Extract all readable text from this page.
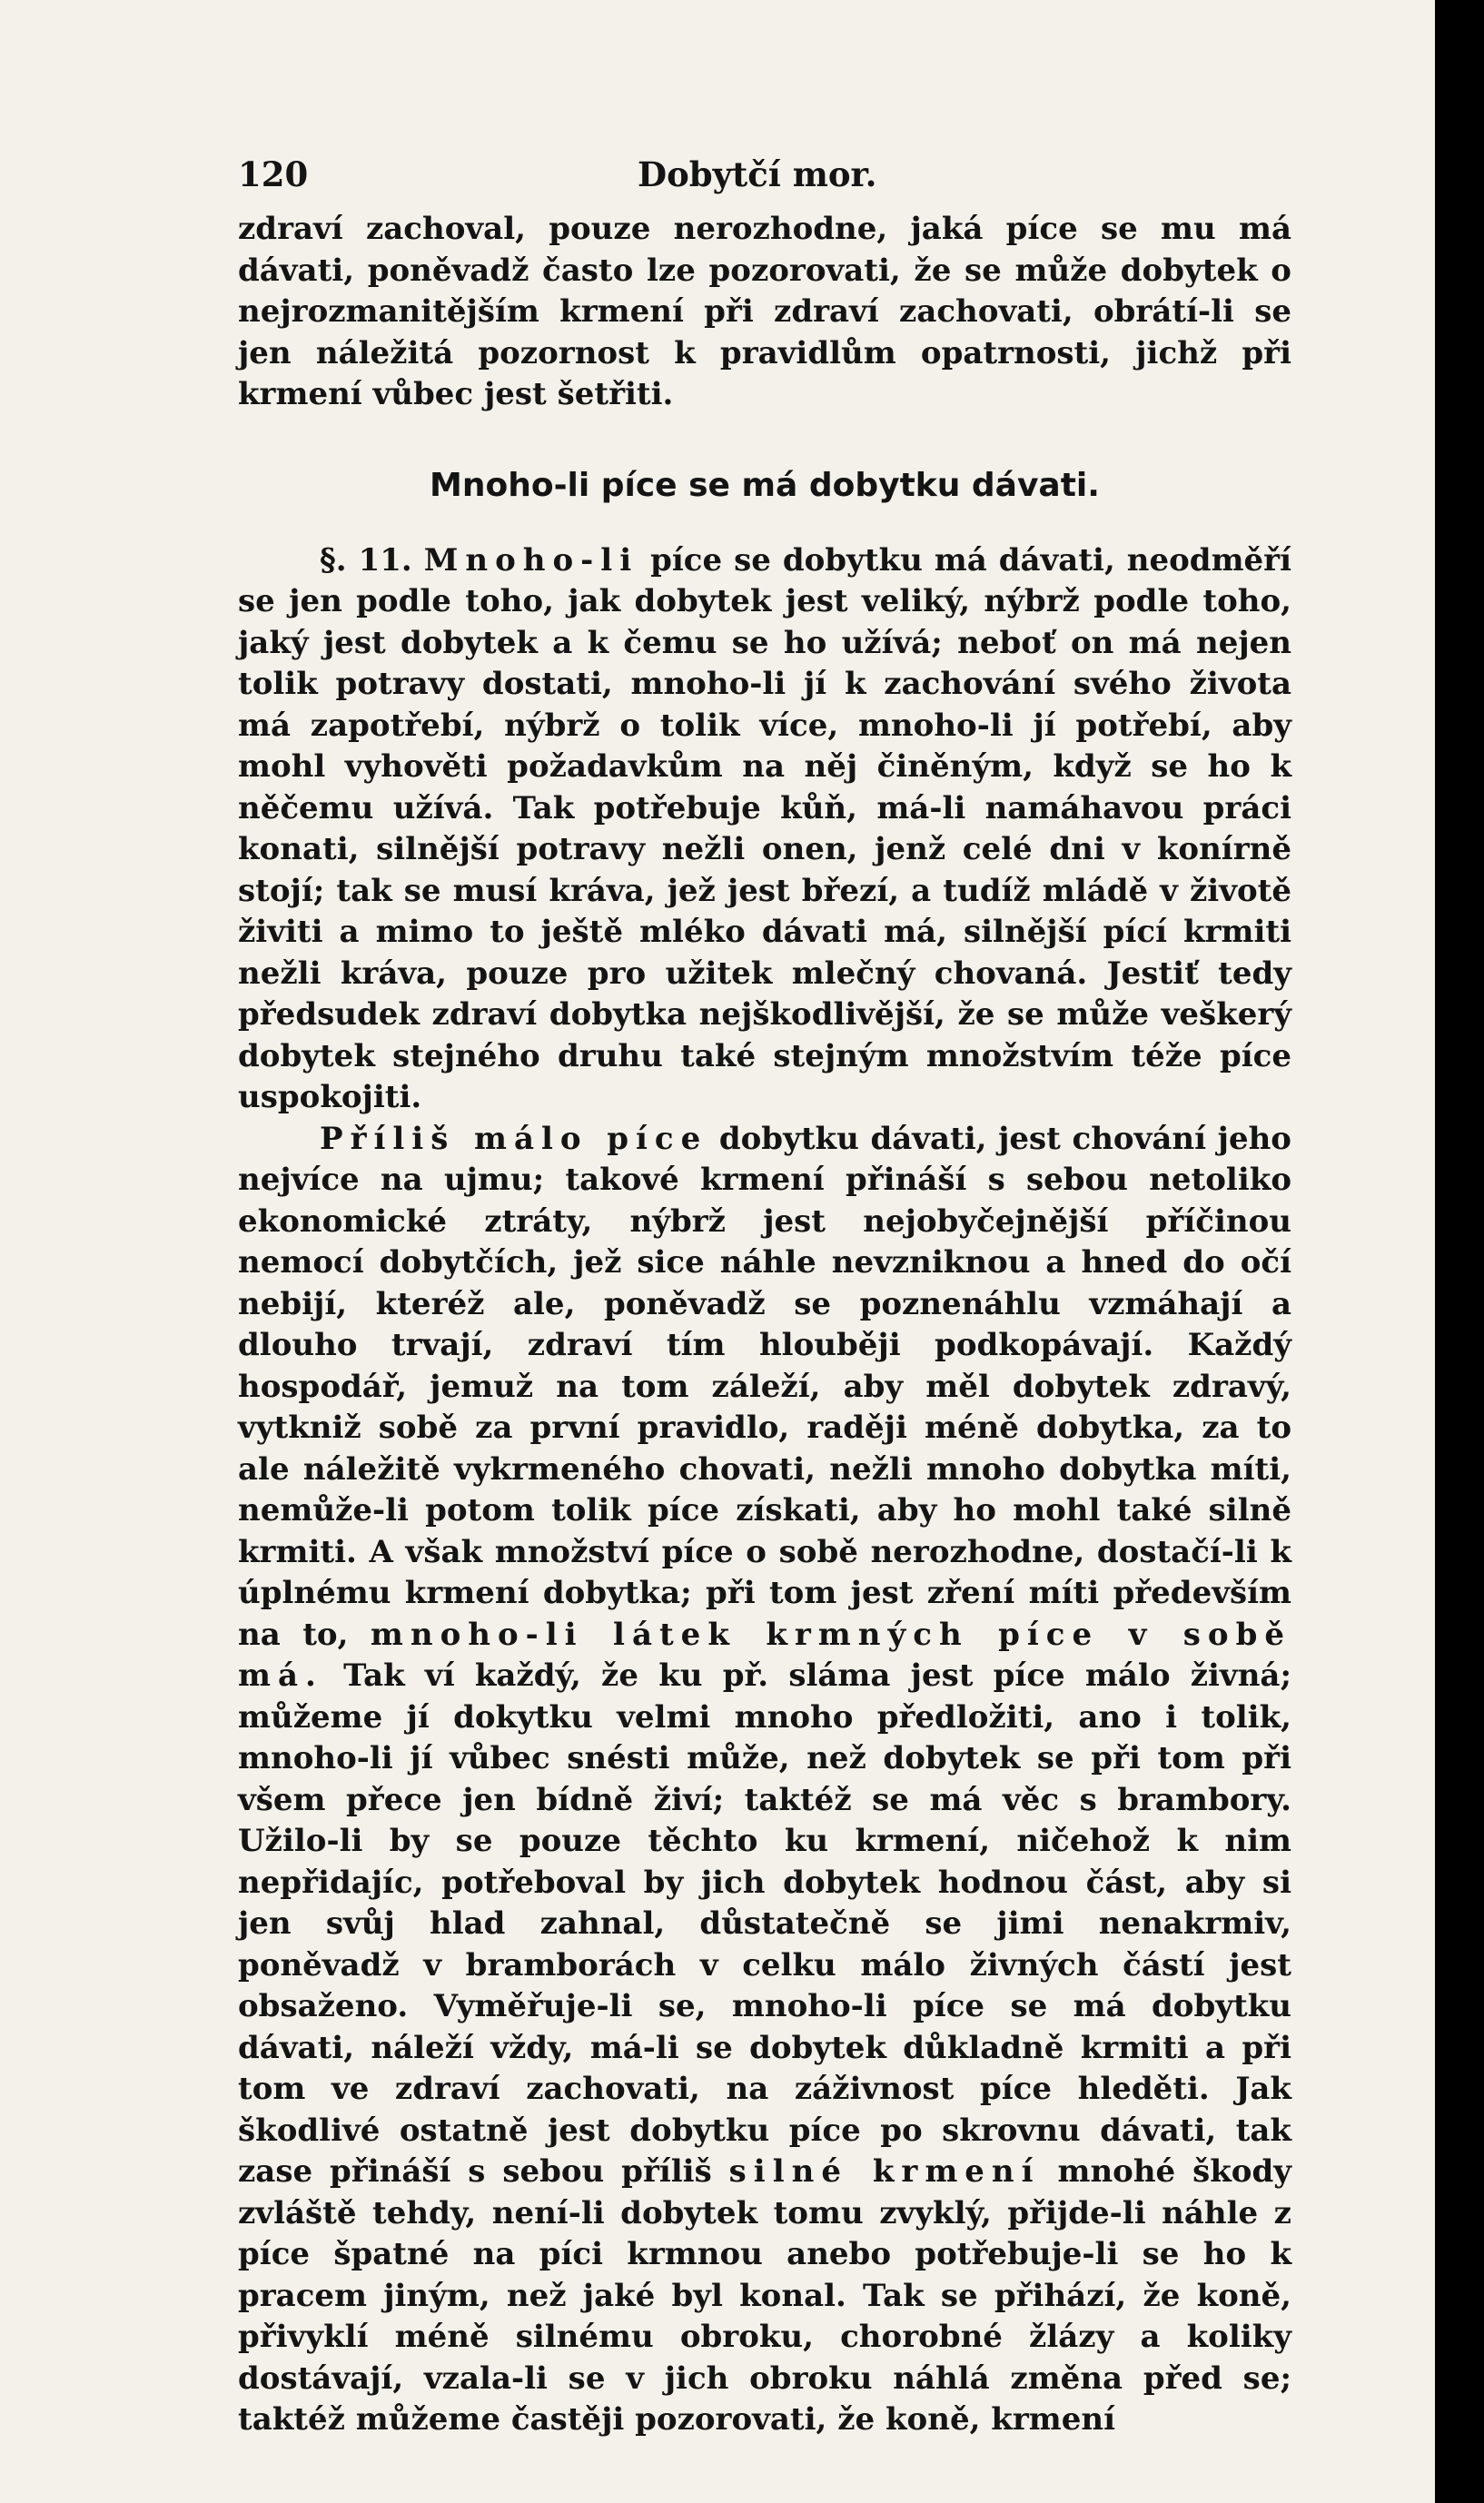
120	Dobytčí mor.

zdraví zachoval, pouze nerozhodne, jaká píce se mu má dávati, poněvadž často lze pozorovati, že se může dobytek o nejrozmanitějším krmení při zdraví zachovati, obrátí-li se jen náležitá pozornost k pravidlům opatrnosti, jichž při krmení vůbec jest šetřiti.

Mnoho-li píce se má dobytku dávati.

§. 11. Mnoho-li píce se dobytku má dávati, neodměří se jen podle toho, jak dobytek jest veliký, nýbrž podle toho, jaký jest dobytek a k čemu se ho užívá; neboť on má nejen tolik potravy dostati, mnoho-li jí k zachování svého života má zapotřebí, nýbrž o tolik více, mnoho-li jí potřebí, aby mohl vyhověti požadavkům na něj činěným, když se ho k něčemu užívá. Tak potřebuje kůň, má-li namáhavou práci konati, silnější potravy nežli onen, jenž celé dni v konírně stojí; tak se musí kráva, jež jest březí, a tudíž mládě v životě živiti a mimo to ještě mléko dávati má, silnější pící krmiti nežli kráva, pouze pro užitek mlečný chovaná. Jestiť tedy předsudek zdraví dobytka nejškodlivější, že se může veškerý dobytek stejného druhu také stejným množstvím téže píce uspokojiti.

Příliš málo píce dobytku dávati, jest chování jeho nejvíce na ujmu; takové krmení přináší s sebou netoliko ekonomické ztráty, nýbrž jest nejobyčejnější příčinou nemocí dobytčích, jež sice náhle nevzniknou a hned do očí nebijí, kteréž ale, poněvadž se poznenáhlu vzmáhají a dlouho trvají, zdraví tím hlouběji podkopávají. Každý hospodář, jemuž na tom záleží, aby měl dobytek zdravý, vytkniž sobě za první pravidlo, raději méně dobytka, za to ale náležitě vykrmeného chovati, nežli mnoho dobytka míti, nemůže-li potom tolik píce získati, aby ho mohl také silně krmiti. A však množství píce o sobě nerozhodne, dostačí-li k úplnému krmení dobytka; při tom jest zření míti především na to, mnoho-li látek krmných píce v sobě má. Tak ví každý, že ku př. sláma jest píce málo živná; můžeme jí dokytku velmi mnoho předložiti, ano i tolik, mnoho-li jí vůbec snésti může, než dobytek se při tom při všem přece jen bídně živí; taktéž se má věc s brambory. Užilo-li by se pouze těchto ku krmení, ničehož k nim nepřidajíc, potřeboval by jich dobytek hodnou část, aby si jen svůj hlad zahnal, důstatečně se jimi nenakrmiv, poněvadž v bramborách v celku málo živných částí jest obsaženo. Vyměřuje-li se, mnoho-li píce se má dobytku dávati, náleží vždy, má-li se dobytek důkladně krmiti a při tom ve zdraví zachovati, na záživnost píce hleděti. Jak škodlivé ostatně jest dobytku píce po skrovnu dávati, tak zase přináší s sebou příliš silné krmení mnohé škody zvláště tehdy, není-li dobytek tomu zvyklý, přijde-li náhle z píce špatné na píci krmnou anebo potřebuje-li se ho k pracem jiným, než jaké byl konal. Tak se přihází, že koně, přivyklí méně silnému obroku, chorobné žlázy a koliky dostávají, vzala-li se v jich obroku náhlá změna před se; taktéž můžeme častěji pozorovati, že koně, krmení
